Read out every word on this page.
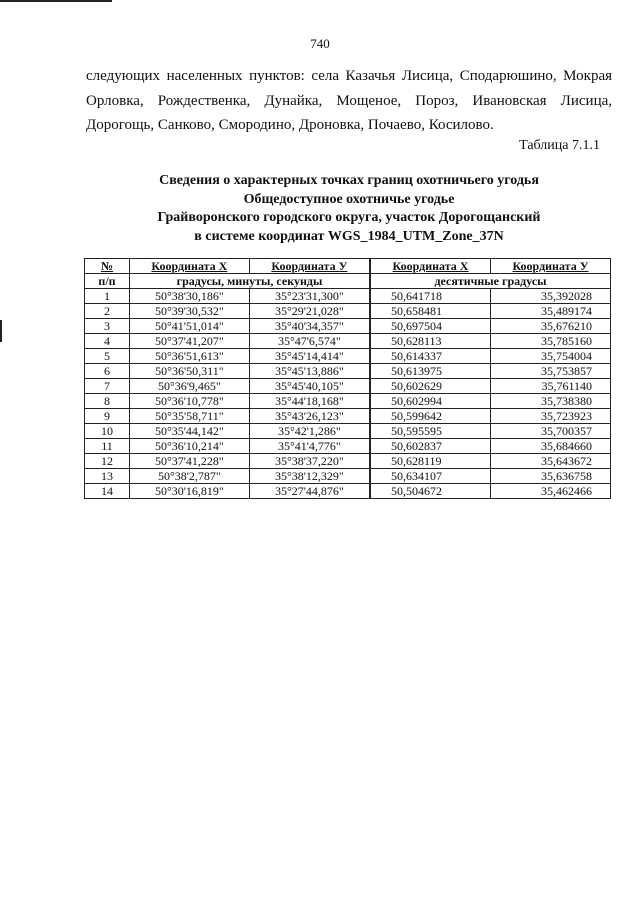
740

следующих населенных пунктов: села Казачья Лисица, Сподарюшино, Мокрая Орловка, Рождественка, Дунайка, Мощеное, Пороз, Ивановская Лисица, Дорогощь, Санково, Смородино, Дроновка, Почаево, Косилово.

Таблица 7.1.1
Сведения о характерных точках границ охотничьего угодья
Общедоступное охотничье угодье
Грайворонского городского округа, участок Дорогощанский
в системе координат WGS_1984_UTM_Zone_37N
№	Координата X	Координата У	Координата X	Координата У
п/п	градусы, минуты, секунды		десятичные градусы	
1	50°38'30,186"	35°23'31,300"	50,641718	35,392028
2	50°39'30,532"	35°29'21,028"	50,658481	35,489174
3	50°41'51,014"	35°40'34,357"	50,697504	35,676210
4	50°37'41,207"	35°47'6,574"	50,628113	35,785160
5	50°36'51,613"	35°45'14,414"	50,614337	35,754004
6	50°36'50,311"	35°45'13,886"	50,613975	35,753857
7	50°36'9,465"	35°45'40,105"	50,602629	35,761140
8	50°36'10,778"	35°44'18,168"	50,602994	35,738380
9	50°35'58,711"	35°43'26,123"	50,599642	35,723923
10	50°35'44,142"	35°42'1,286"	50,595595	35,700357
11	50°36'10,214"	35°41'4,776"	50,602837	35,684660
12	50°37'41,228"	35°38'37,220"	50,628119	35,643672
13	50°38'2,787"	35°38'12,329"	50,634107	35,636758
14	50°30'16,819"	35°27'44,876"	50,504672	35,462466
